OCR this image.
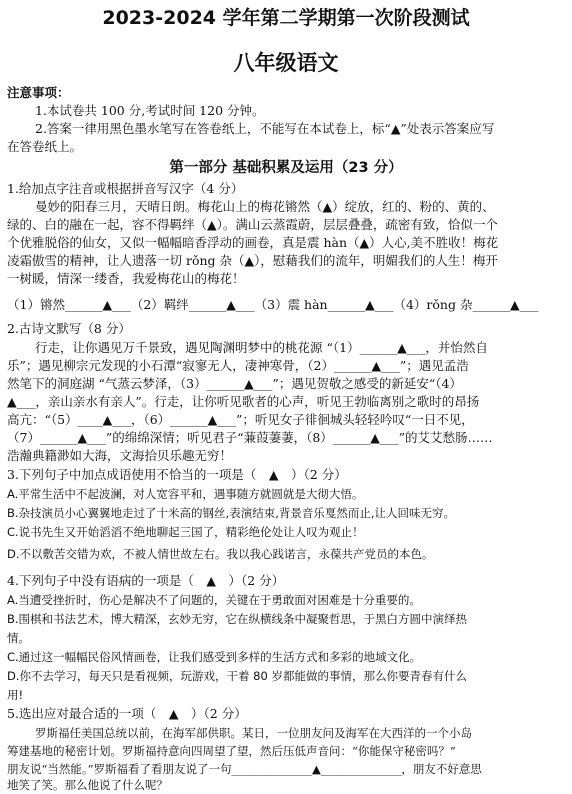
2023-2024 学年第二学期第一次阶段测试
八年级语文
注意事项：
1.本试卷共 100 分,考试时间 120 分钟。
2.答案一律用黑色墨水笔写在答卷纸上，不能写在本试卷上，标“▲”处表示答案应写
在答卷纸上。
第一部分 基础积累及运用（23 分）
1.给加点字注音或根据拼音写汉字（4 分）
曼妙的阳春三月，天晴日朗。梅花山上的梅花锵然（▲）绽放，红的、粉的、黄的、
绿的、白的融在一起，容不得羁绊（▲）。满山云蒸霞蔚，层层叠叠，疏密有致，恰似一个
个优雅脱俗的仙女，又似一幅幅暗香浮动的画卷，真是震 hàn（▲）人心,美不胜收！梅花
凌霜傲雪的精神，让人遗落一切 rǒng 杂（▲），慰藉我们的流年，明媚我们的人生！梅开
一树暖，情深一缕香，我爱梅花山的梅花！
（1）锵然______▲___（2）羁绊______▲___（3）震 hàn______▲___（4）rǒng 杂______▲___
2.古诗文默写（8 分）
行走，让你遇见万千景致，遇见陶渊明梦中的桃花源 “（1）______▲___，并怡然自
乐”；遇见柳宗元发现的小石潭“寂寥无人，凄神寒骨，（2）______▲___”；遇见孟浩
然笔下的洞庭湖 “气蒸云梦泽，（3）______▲___”；遇见贺敬之感受的新延安“（4）
▲___，亲山亲水有亲人”。行走，让你听见歌者的心声，听见王勃临离别之歌时的昂扬
高亢：“（5）____▲___，（6）______▲___”；听见女子徘徊城头轻轻吟叹“一日不见，
（7）______▲___”的绵绵深情；听见君子“蒹葭萋萋，（8）______▲___”的艾艾愁肠……
浩瀚典籍渺如大海，文海拾贝乐趣无穷！
3.下列句子中加点成语使用不恰当的一项是（　▲　）（2 分）
A.平常生活中不起波澜，对人宽容平和，遇事随方就圆就是大彻大悟。
B.杂技演员小心翼翼地走过了十米高的钢丝,表演结束,背景音乐戛然而止,让人回味无穷。
C.说书先生又开始滔滔不绝地聊起三国了，精彩绝伦处让人叹为观止！
D.不以敷苦交错为欢，不被人情世故左右。我以我心践诺言，永葆共产党员的本色。
4.下列句子中没有语病的一项是（　▲　）（2 分）
A.当遭受挫折时，伤心是解决不了问题的，关键在于勇敢面对困难是十分重要的。
B.围棋和书法艺术，博大精深，玄妙无穷，它在纵横线条中凝聚哲思，于黑白方圆中演绎热
情。
C.通过这一幅幅民俗风情画卷，让我们感受到多样的生活方式和多彩的地域文化。
D.你不去学习，每天只是看视频，玩游戏，干着 80 岁都能做的事情，那么你要青春有什么
用!
5.选出应对最合适的一项（　▲　）（2 分）
罗斯福任美国总统以前，在海军部供职。某日，一位朋友问及海军在大西洋的一个小岛
筹建基地的秘密计划。罗斯福持意向四周望了望，然后压低声音问：“你能保守秘密吗？”
朋友说“当然能。”罗斯福看了看朋友说了一句______________▲______________，朋友不好意思
地笑了笑。那么他说了什么呢？
